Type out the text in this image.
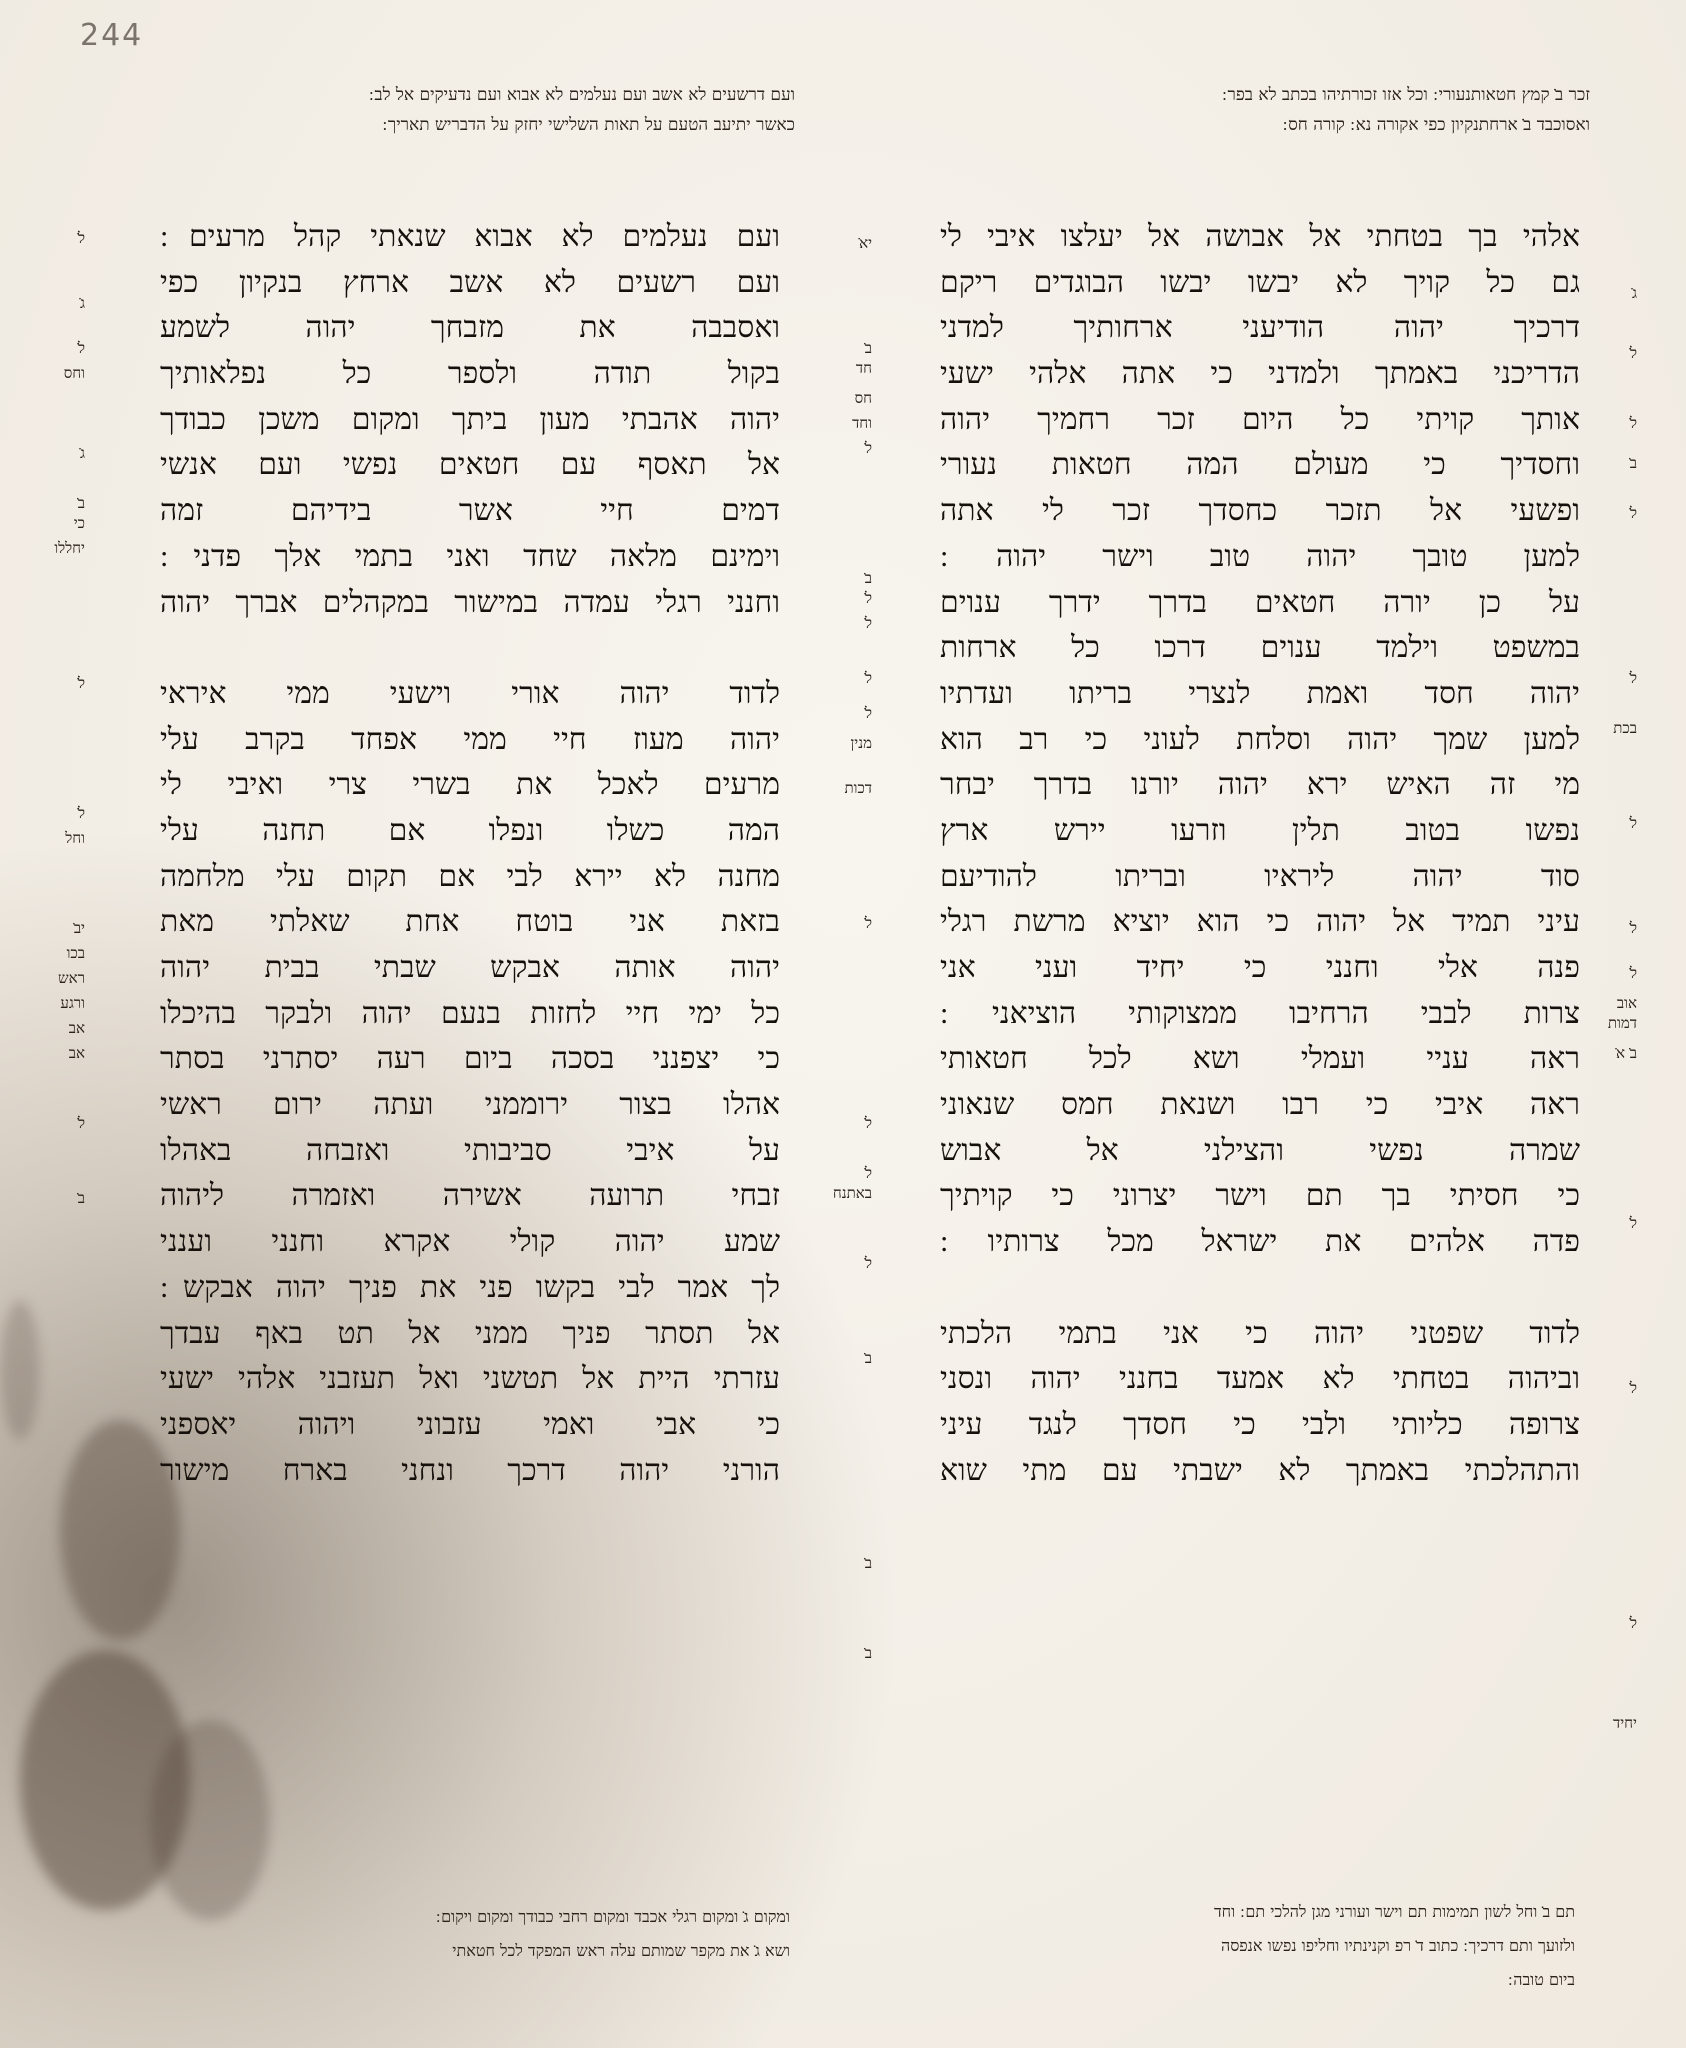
244
זכר ב̇ קמץ חטאותנעורי ׃ וכל אזו זכורתיהו בכתב לא בפר ׃
ואסוכבד ב̇ ארחתנקיון כפי אקורה נא ׃ קורה חס ׃
ועם דרשעים לא אשב ועם נעלמים לא אבוא ועם נדעיקים אל לב ׃
כאשר יתיעב הטעם על תאות השלישי יחזק על הדבריש תאריך ׃
אלהי בך בטחתי אל אבושה אל יעלצו איבי לי
גם כל קויך לא יבשו יבשו הבוגדים ריקם
דרכיך יהוה הודיעני ארחותיך למדני
הדריכני באמתך ולמדני כי אתה אלהי ישעי
אותך קויתי כל היום זכר רחמיך יהוה
וחסדיך כי מעולם המה חטאות נעורי
ופשעי אל תזכר כחסדך זכר לי אתה
למען טובך יהוה טוב וישר יהוה ׃
על כן יורה חטאים בדרך ידרך ענוים
במשפט וילמד ענוים דרכו כל ארחות
יהוה חסד ואמת לנצרי בריתו ועדתיו
למען שמך יהוה וסלחת לעוני כי רב הוא
מי זה האיש ירא יהוה יורנו בדרך יבחר
נפשו בטוב תלין וזרעו יירש ארץ
סוד יהוה ליראיו ובריתו להודיעם
עיני תמיד אל יהוה כי הוא יוציא מרשת רגלי
פנה אלי וחנני כי יחיד ועני אני
צרות לבבי הרחיבו ממצוקותי הוציאני ׃
ראה עניי ועמלי ושא לכל חטאותי
ראה איבי כי רבו ושנאת חמס שנאוני
שמרה נפשי והצילני אל אבוש
כי חסיתי בך תם וישר יצרוני כי קויתיך
פדה אלהים את ישראל מכל צרותיו ׃
לדוד שפטני יהוה כי אני בתמי הלכתי
וביהוה בטחתי לא אמעד בחנני יהוה ונסני
צרופה כליותי ולבי כי חסדך לנגד עיני
והתהלכתי באמתך לא ישבתי עם מתי שוא
ועם נעלמים לא אבוא שנאתי קהל מרעים ׃
ועם רשעים לא אשב ארחץ בנקיון כפי
ואסבבה את מזבחך יהוה לשמע
בקול תודה ולספר כל נפלאותיך
יהוה אהבתי מעון ביתך ומקום משכן כבודך
אל תאסף עם חטאים נפשי ועם אנשי
דמים חיי אשר בידיהם זמה
וימינם מלאה שחד ואני בתמי אלך פדני ׃
וחנני רגלי עמדה במישור במקהלים אברך יהוה
לדוד יהוה אורי וישעי ממי איראי
יהוה מעוז חיי ממי אפחד בקרב עלי
מרעים לאכל את בשרי צרי ואיבי לי
המה כשלו ונפלו אם תחנה עלי
מחנה לא יירא לבי אם תקום עלי מלחמה
בזאת אני בוטח אחת שאלתי מאת
יהוה אותה אבקש שבתי בבית יהוה
כל ימי חיי לחזות בנעם יהוה ולבקר בהיכלו
כי יצפנני בסכה ביום רעה יסתרני בסתר
אהלו בצור ירוממני ועתה ירום ראשי
על איבי סביבותי ואזבחה באהלו
זבחי תרועה אשירה ואזמרה ליהוה
שמע יהוה קולי אקרא וחנני וענני
לך אמר לבי בקשו פני את פניך יהוה אבקש ׃
אל תסתר פניך ממני אל תט באף עבדך
עזרתי היית אל תטשני ואל תעזבני אלהי ישעי
כי אבי ואמי עזבוני ויהוה יאספני
הורני יהוה דרכך ונחני בארח מישור
ג̇
ל̇
ל̇
ב̇
ל̇
ל̇
בכת
ל̇
ל̇
ל̇
אוב
דמות
ב̇ א̇
ל̇
ל̇
ל̇
יחיד
יא̇
ב̇
חד
חס
וחד
ל̇
ב̇
ל̇
ל̇
ל̇
ל̇
מנין
דכות
ל̇
ל̇
ל̇
באתנח
ל̇
ב̇
ב̇
ב̇
ל̇
ג̇
ל̇
וחס
ג̇
ב̇
כי
יחללו
ל̇
ל̇
וחל
יב̇
בכו
ראש
ורגע
אב
אב
ל̇
ב̇
תם ב̇ וחל לשון תמימות תם וישר ועורני מגן להלכי תם ׃ וחד
ולזועך ותם דרכיך ׃ כתוב ד̇ רפ וקנינתיו וחליפו נפשו אנפסה
ביום טובה ׃
ומקום ג̇ ומקום רגלי אכבד ומקום רחבי כבודך ומקום ויקום ׃
ושא ג̇ את מקפר שמותם עלה ראש המפקד לכל חטאתי
